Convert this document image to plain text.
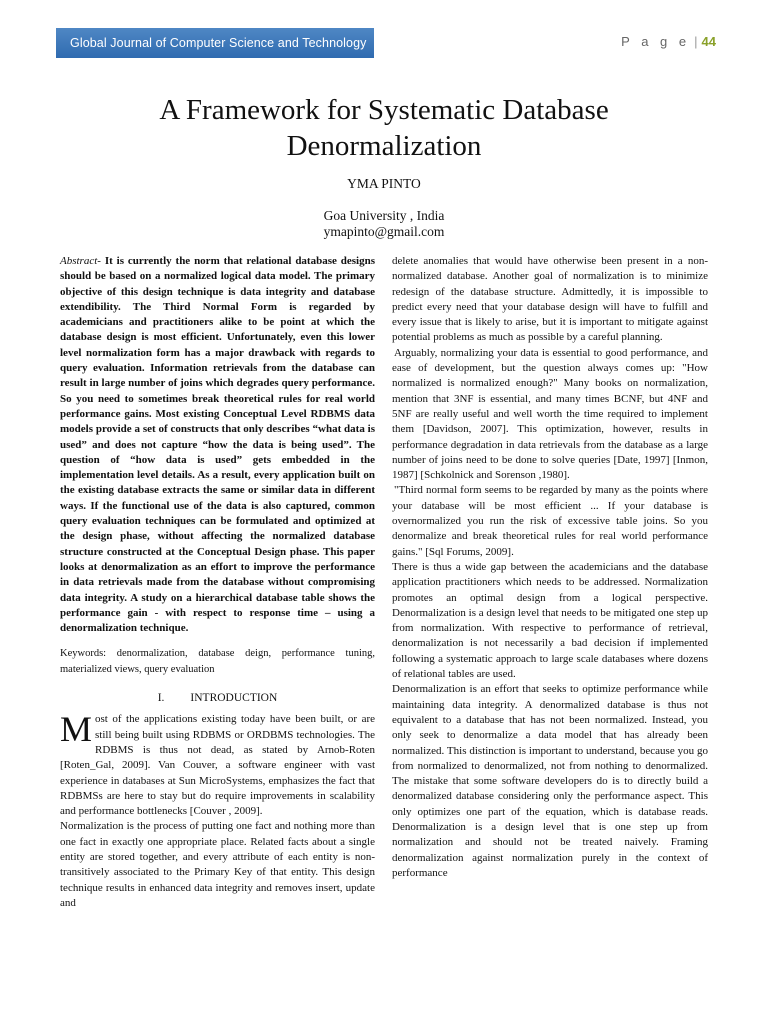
Global Journal of Computer Science and Technology	P a g e | 44
A Framework for Systematic Database Denormalization
YMA PINTO
Goa University , India
ymapinto@gmail.com

Abstract- It is currently the norm that relational database designs should be based on a normalized logical data model. The primary objective of this design technique is data integrity and database extendibility. The Third Normal Form is regarded by academicians and practitioners alike to be point at which the database design is most efficient. Unfortunately, even this lower level normalization form has a major drawback with regards to query evaluation. Information retrievals from the database can result in large number of joins which degrades query performance. So you need to sometimes break theoretical rules for real world performance gains. Most existing Conceptual Level RDBMS data models provide a set of constructs that only describes “what data is used” and does not capture “how the data is being used”. The question of “how data is used” gets embedded in the implementation level details. As a result, every application built on the existing database extracts the same or similar data in different ways. If the functional use of the data is also captured, common query evaluation techniques can be formulated and optimized at the design phase, without affecting the normalized database structure constructed at the Conceptual Design phase. This paper looks at denormalization as an effort to improve the performance in data retrievals made from the database without compromising data integrity. A study on a hierarchical database table shows the performance gain - with respect to response time – using a denormalization technique.

Keywords: denormalization, database deign, performance tuning, materialized views, query evaluation

I. INTRODUCTION

Most of the applications existing today have been built, or are still being built using RDBMS or ORDBMS technologies. The RDBMS is thus not dead, as stated by Arnob-Roten [Roten_Gal, 2009]. Van Couver, a software engineer with vast experience in databases at Sun MicroSystems, emphasizes the fact that RDBMSs are here to stay but do require improvements in scalability and performance bottlenecks [Couver , 2009].

Normalization is the process of putting one fact and nothing more than one fact in exactly one appropriate place. Related facts about a single entity are stored together, and every attribute of each entity is non-transitively associated to the Primary Key of that entity. This design technique results in enhanced data integrity and removes insert, update and

delete anomalies that would have otherwise been present in a non-normalized database. Another goal of normalization is to minimize redesign of the database structure. Admittedly, it is impossible to predict every need that your database design will have to fulfill and every issue that is likely to arise, but it is important to mitigate against potential problems as much as possible by a careful planning.

Arguably, normalizing your data is essential to good performance, and ease of development, but the question always comes up: "How normalized is normalized enough?" Many books on normalization, mention that 3NF is essential, and many times BCNF, but 4NF and 5NF are really useful and well worth the time required to implement them [Davidson, 2007]. This optimization, however, results in performance degradation in data retrievals from the database as a large number of joins need to be done to solve queries [Date, 1997] [Inmon, 1987] [Schkolnick and Sorenson ,1980].

"Third normal form seems to be regarded by many as the points where your database will be most efficient ... If your database is overnormalized you run the risk of excessive table joins. So you denormalize and break theoretical rules for real world performance gains." [Sql Forums, 2009].

There is thus a wide gap between the academicians and the database application practitioners which needs to be addressed. Normalization promotes an optimal design from a logical perspective. Denormalization is a design level that needs to be mitigated one step up from normalization. With respective to performance of retrieval, denormalization is not necessarily a bad decision if implemented following a systematic approach to large scale databases where dozens of relational tables are used.

Denormalization is an effort that seeks to optimize performance while maintaining data integrity. A denormalized database is thus not equivalent to a database that has not been normalized. Instead, you only seek to denormalize a data model that has already been normalized. This distinction is important to understand, because you go from normalized to denormalized, not from nothing to denormalized. The mistake that some software developers do is to directly build a denormalized database considering only the performance aspect. This only optimizes one part of the equation, which is database reads. Denormalization is a design level that is one step up from normalization and should not be treated naively. Framing denormalization against normalization purely in the context of performance
